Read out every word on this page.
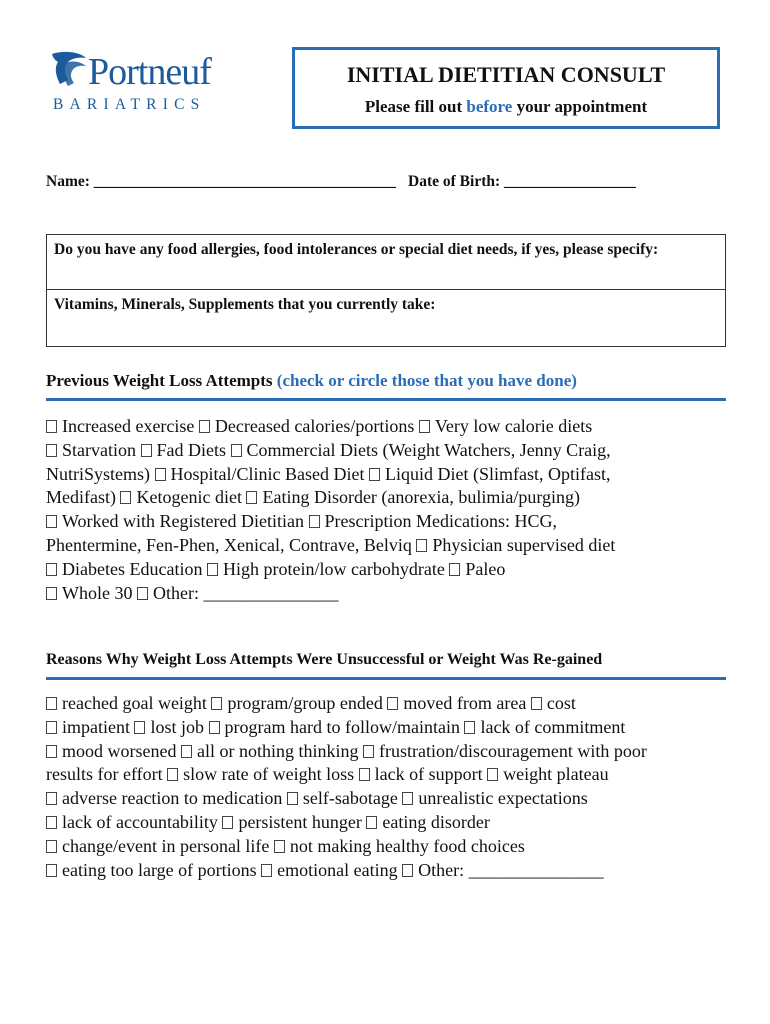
Portneuf
BARIATRICS
INITIAL DIETITIAN CONSULT
Please fill out before your appointment
Name: _______________________________________ Date of Birth: _________________
Do you have any food allergies, food intolerances or special diet needs, if yes, please specify:
Vitamins, Minerals, Supplements that you currently take:
Previous Weight Loss Attempts (check or circle those that you have done)
Increased exercise Decreased calories/portions Very low calorie diets
Starvation Fad Diets Commercial Diets (Weight Watchers, Jenny Craig,
NutriSystems) Hospital/Clinic Based Diet Liquid Diet (Slimfast, Optifast,
Medifast) Ketogenic diet Eating Disorder (anorexia, bulimia/purging)
Worked with Registered Dietitian Prescription Medications: HCG,
Phentermine, Fen-Phen, Xenical, Contrave, Belviq Physician supervised diet
Diabetes Education High protein/low carbohydrate Paleo
Whole 30 Other: _______________
Reasons Why Weight Loss Attempts Were Unsuccessful or Weight Was Re-gained
reached goal weight program/group ended moved from area cost
impatient lost job program hard to follow/maintain lack of commitment
mood worsened all or nothing thinking frustration/discouragement with poor
results for effort slow rate of weight loss lack of support weight plateau
adverse reaction to medication self-sabotage unrealistic expectations
lack of accountability persistent hunger eating disorder
change/event in personal life not making healthy food choices
eating too large of portions emotional eating Other: _______________
